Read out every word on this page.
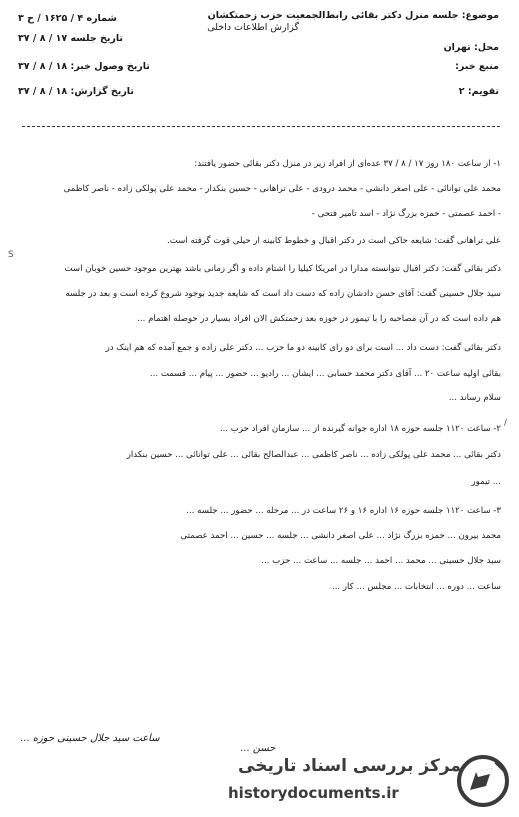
موضوع: جلسه منزل دکتر بقائی رابط‌الجمعیت حزب زحمتکشان
گزارش اطلاعات داخلی
شماره ۴ / ۱۶۲۵ / ح ۳
تاریخ جلسه ۱۷ / ۸ / ۳۷
محل: تهران
تاریخ وصول خبر: ۱۸ / ۸ / ۳۷	منبع خبر:
تاریخ گزارش: ۱۸ / ۸ / ۳۷	تقویم: ۲
۱- از ساعت ۱۸۰ روز ۱۷ / ۸ / ۳۷ عده‌ای از افراد زیر در منزل دکتر بقائی حضور یافتند:
محمد علی توانائی - علی اصغر دانشی - محمد درودی - علی تراهانی - حسین بنکدار - محمد علی پولکی زاده - ناصر کاظمی
- احمد عصمتی - حمزه بزرگ نژاد - اسد تامیر فتحی -
علی تراهانی گفت: شایعه حاکی است در دکتر اقبال و خطوط کابینه ار حیلی قوت گرفته است.
دکتر بقائی گفت: دکتر اقبال نتوانسته مدارا در امریکا کیلیا را اشتام داده و اگر زمانی باشد بهترین موجود حسین خوبان است
سید جلال حسینی گفت: آقای حسن دادشان زاده که دست داد است که شایعه جدید بوجود شروع کرده است و بعد در جلسه
هم داده است که در آن مصاحبه را با تیمور در حوزه بعد زحمتکش الان افراد بسیار در حوصله اهتمام ...
دکتر بقائی گفت: دست داد ... است برای دو رای کابینه دو ما حزب ... دکتر علی زاده و جمع آمده که هم اینک در
بقائی اولیه ساعت ۲۰ ... آقای دکتر محمد حسابی ... ایشان ... رادیو ... حضور ... پیام ... قسمت ...
سلام رساند ...
۲- ساعت ۱۱۲۰ جلسه حوزه ۱۸ اداره جوانه گیرنده از ... سازمان افراد حزب ...
دکتر بقائی ... محمد علی پولکی زاده ... ناصر کاظمی ... عبدالصالح بقائی ... علی توانائی ... حسین بنکدار
... تیمور
۳- ساعت ۱۱۲۰ جلسه حوزه ۱۶ اداره ۱۶ و ۲۶ ساعت در ... مرحله ... حضور ... جلسه ...
محمد بیرون ... حمزه بزرگ نژاد ... علی اصغر دانشی ... جلسه ... حسین ... احمد عصمتی
سید جلال حسینی ... محمد ... احمد ... جلسه ... ساعت ... حزب ...
ساعت ... دوره ... انتخابات ... مجلس ... کار ...
S
/
ساعت سید جلال حسینی حوزه ...
حسن ...
مرکز بررسی اسناد تاریخی
historydocuments.ir
